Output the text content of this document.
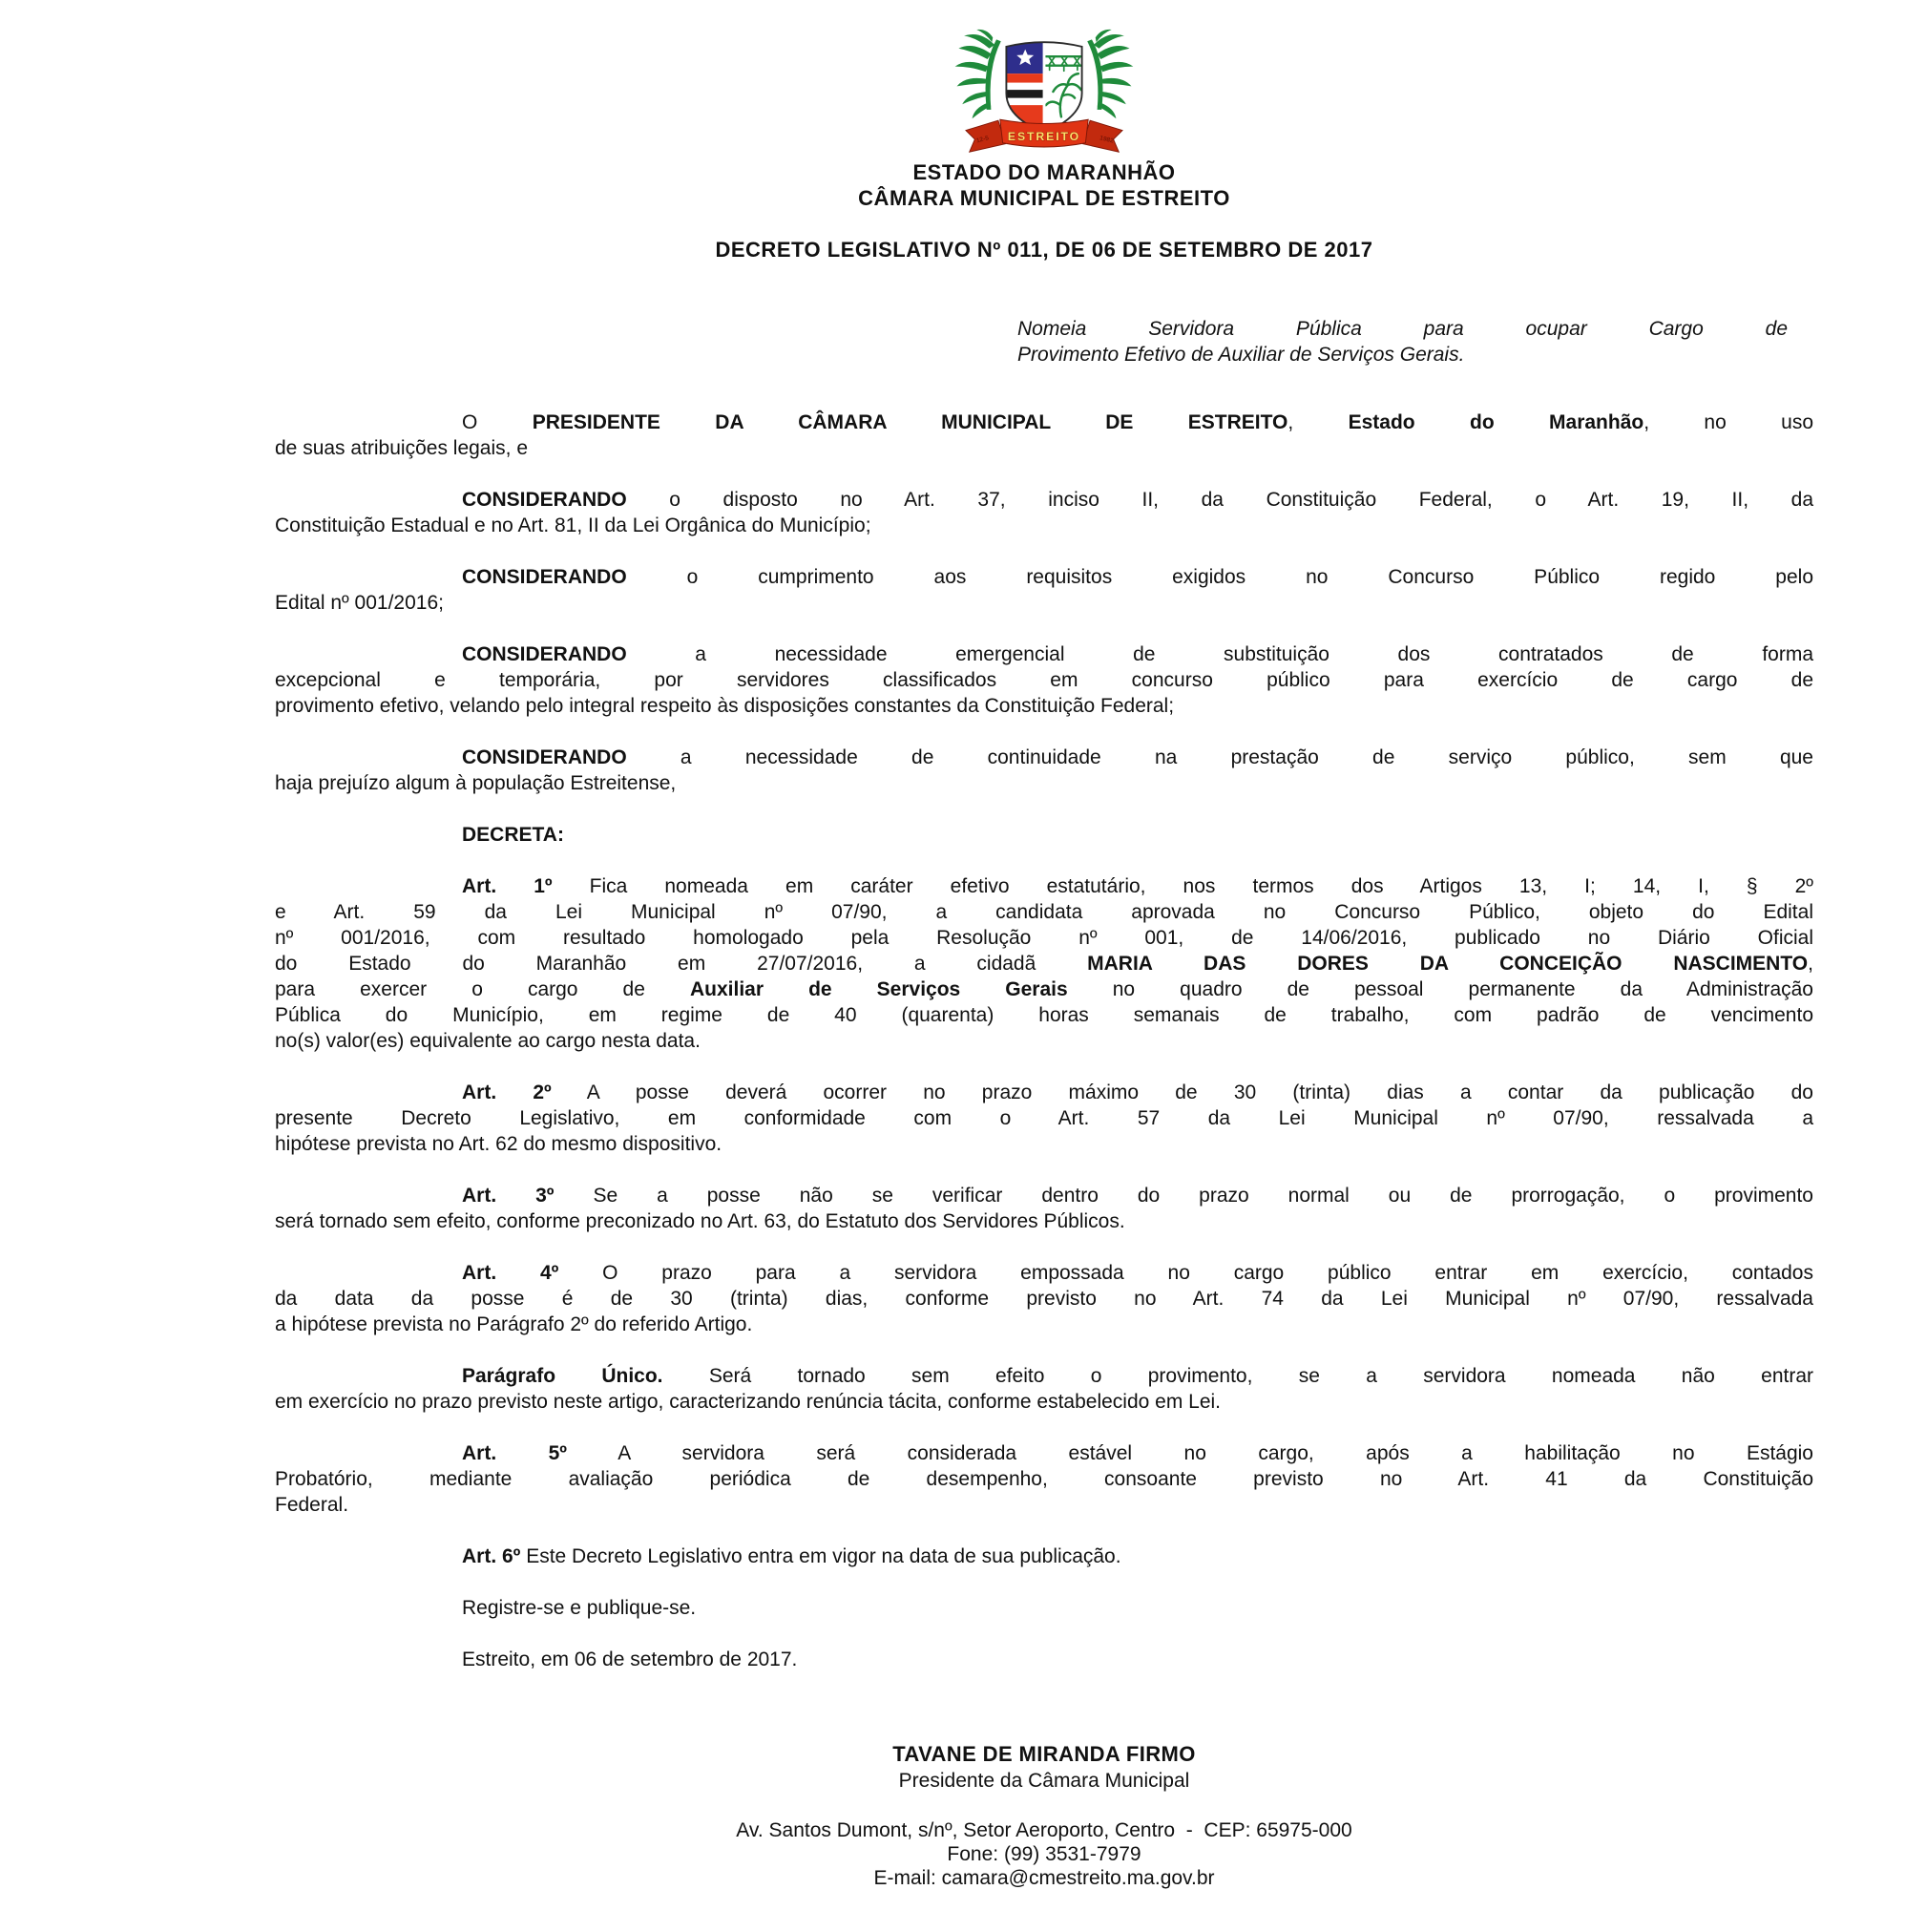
ESTREITO
12-5	1982
ESTADO DO MARANHÃO
CÂMARA MUNICIPAL DE ESTREITO
DECRETO LEGISLATIVO Nº 011, DE 06 DE SETEMBRO DE 2017
Nomeia Servidora Pública para ocupar Cargo de
Provimento Efetivo de Auxiliar de Serviços Gerais.
O PRESIDENTE DA CÂMARA MUNICIPAL DE ESTREITO, Estado do Maranhão, no uso
de suas atribuições legais, e
CONSIDERANDO o disposto no Art. 37, inciso II, da Constituição Federal, o Art. 19, II, da
Constituição Estadual e no Art. 81, II da Lei Orgânica do Município;
CONSIDERANDO o cumprimento aos requisitos exigidos no Concurso Público regido pelo
Edital nº 001/2016;
CONSIDERANDO a necessidade emergencial de substituição dos contratados de forma
excepcional e temporária, por servidores classificados em concurso público para exercício de cargo de
provimento efetivo, velando pelo integral respeito às disposições constantes da Constituição Federal;
CONSIDERANDO a necessidade de continuidade na prestação de serviço público, sem que
haja prejuízo algum à população Estreitense,
DECRETA:
Art. 1º Fica nomeada em caráter efetivo estatutário, nos termos dos Artigos 13, I; 14, I, § 2º
e Art. 59 da Lei Municipal nº 07/90, a candidata aprovada no Concurso Público, objeto do Edital
nº 001/2016, com resultado homologado pela Resolução nº 001, de 14/06/2016, publicado no Diário Oficial
do Estado do Maranhão em 27/07/2016, a cidadã MARIA DAS DORES DA CONCEIÇÃO NASCIMENTO,
para exercer o cargo de Auxiliar de Serviços Gerais no quadro de pessoal permanente da Administração
Pública do Município, em regime de 40 (quarenta) horas semanais de trabalho, com padrão de vencimento
no(s) valor(es) equivalente ao cargo nesta data.
Art. 2º A posse deverá ocorrer no prazo máximo de 30 (trinta) dias a contar da publicação do
presente Decreto Legislativo, em conformidade com o Art. 57 da Lei Municipal nº 07/90, ressalvada a
hipótese prevista no Art. 62 do mesmo dispositivo.
Art. 3º Se a posse não se verificar dentro do prazo normal ou de prorrogação, o provimento
será tornado sem efeito, conforme preconizado no Art. 63, do Estatuto dos Servidores Públicos.
Art. 4º O prazo para a servidora empossada no cargo público entrar em exercício, contados
da data da posse é de 30 (trinta) dias, conforme previsto no Art. 74 da Lei Municipal nº 07/90, ressalvada
a hipótese prevista no Parágrafo 2º do referido Artigo.
Parágrafo Único. Será tornado sem efeito o provimento, se a servidora nomeada não entrar
em exercício no prazo previsto neste artigo, caracterizando renúncia tácita, conforme estabelecido em Lei.
Art. 5º A servidora será considerada estável no cargo, após a habilitação no Estágio
Probatório, mediante avaliação periódica de desempenho, consoante previsto no Art. 41 da Constituição
Federal.
Art. 6º Este Decreto Legislativo entra em vigor na data de sua publicação.
Registre-se e publique-se.
Estreito, em 06 de setembro de 2017.
TAVANE DE MIRANDA FIRMO
Presidente da Câmara Municipal
Av. Santos Dumont, s/nº, Setor Aeroporto, Centro  -  CEP: 65975-000
Fone: (99) 3531-7979
E-mail: camara@cmestreito.ma.gov.br
